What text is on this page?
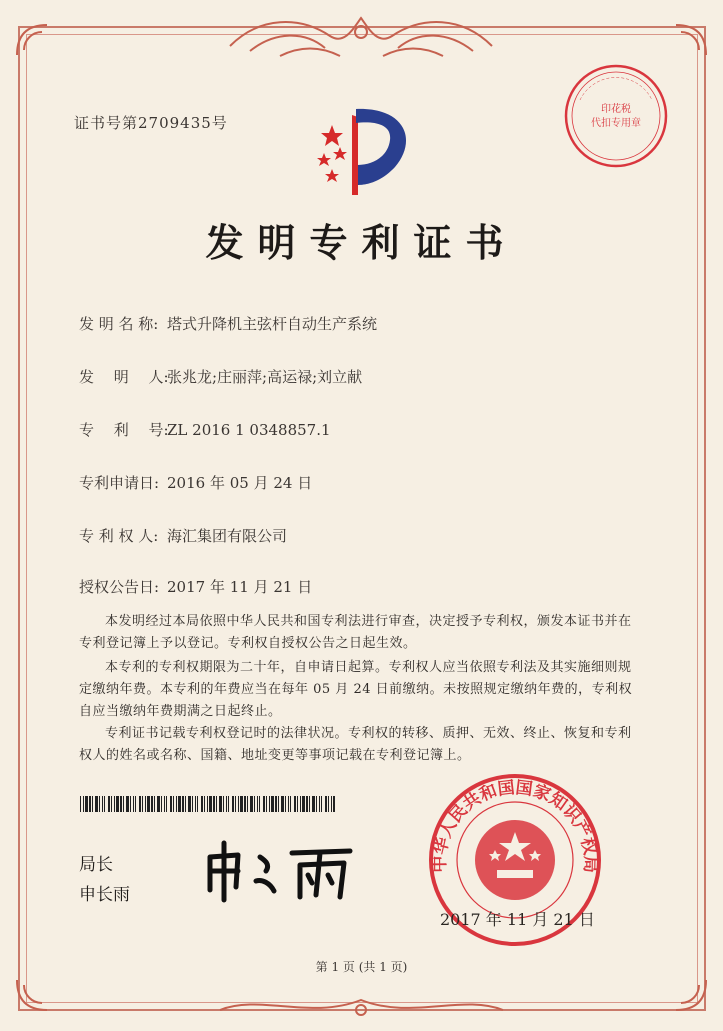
证书号第2709435号
印花税
代扣专用章
发明专利证书
发 明 名 称: 塔式升降机主弦杆自动生产系统
发　 明　 人:张兆龙;庄丽萍;高运禄;刘立献
专　 利　 号:ZL 2016 1 0348857.1
专利申请日: 2016 年 05 月 24 日
专 利 权 人: 海汇集团有限公司
授权公告日: 2017 年 11 月 21 日
本发明经过本局依照中华人民共和国专利法进行审查，决定授予专利权，颁发本证书并在专利登记簿上予以登记。专利权自授权公告之日起生效。
本专利的专利权期限为二十年，自申请日起算。专利权人应当依照专利法及其实施细则规定缴纳年费。本专利的年费应当在每年 05 月 24 日前缴纳。未按照规定缴纳年费的，专利权自应当缴纳年费期满之日起终止。
专利证书记载专利权登记时的法律状况。专利权的转移、质押、无效、终止、恢复和专利权人的姓名或名称、国籍、地址变更等事项记载在专利登记簿上。
局长
申长雨
中华人民共和国国家知识产权局
2017 年 11 月 21 日
第 1 页 (共 1 页)
